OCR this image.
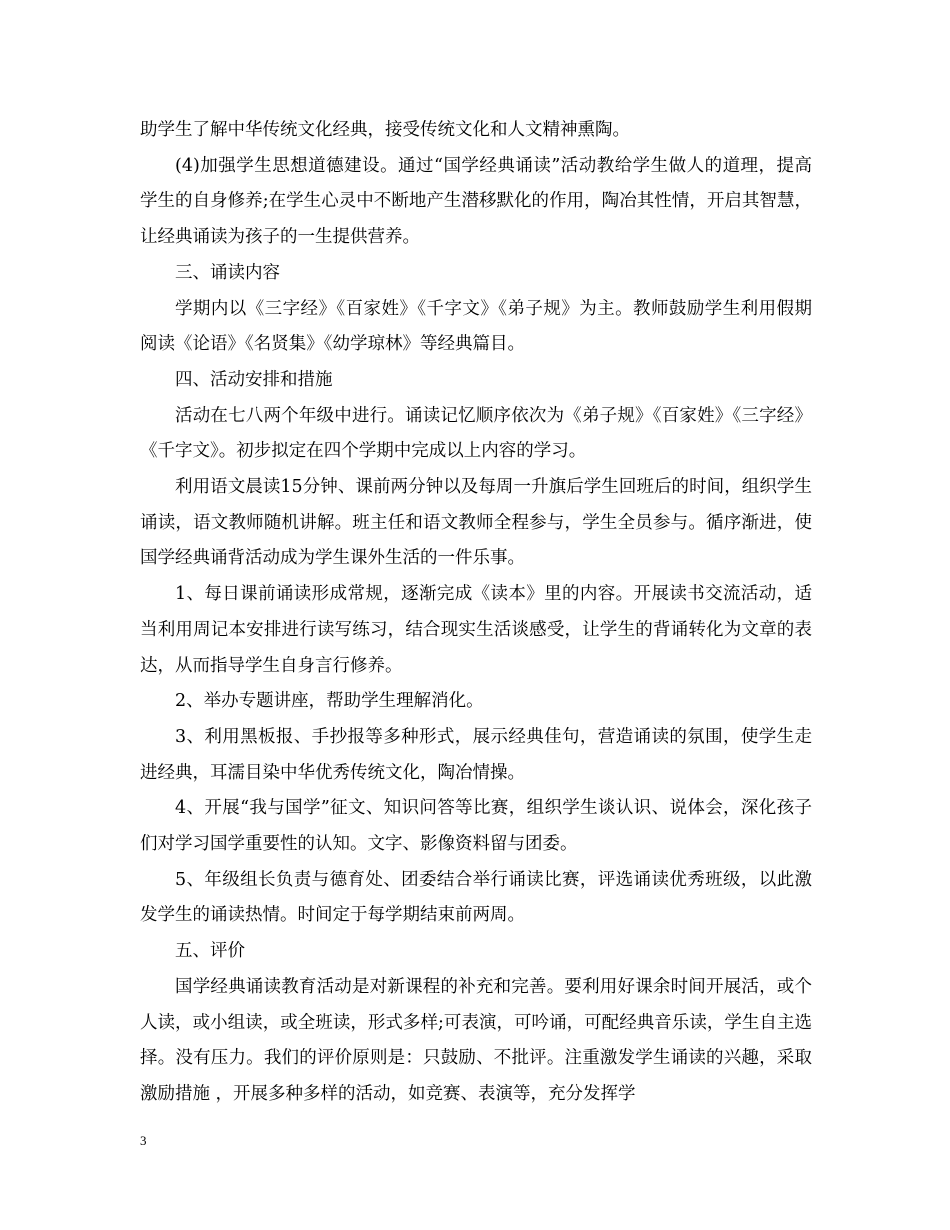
助学生了解中华传统文化经典，接受传统文化和人文精神熏陶。

(4)加强学生思想道德建设。通过“国学经典诵读”活动教给学生做人的道理，提高学生的自身修养;在学生心灵中不断地产生潜移默化的作用，陶冶其性情，开启其智慧，让经典诵读为孩子的一生提供营养。

三、诵读内容

学期内以《三字经》《百家姓》《千字文》《弟子规》为主。教师鼓励学生利用假期阅读《论语》《名贤集》《幼学琼林》等经典篇目。

四、活动安排和措施

活动在七八两个年级中进行。诵读记忆顺序依次为《弟子规》《百家姓》《三字经》《千字文》。初步拟定在四个学期中完成以上内容的学习。

利用语文晨读15分钟、课前两分钟以及每周一升旗后学生回班后的时间，组织学生诵读，语文教师随机讲解。班主任和语文教师全程参与，学生全员参与。循序渐进，使国学经典诵背活动成为学生课外生活的一件乐事。

1、每日课前诵读形成常规，逐渐完成《读本》里的内容。开展读书交流活动，适当利用周记本安排进行读写练习，结合现实生活谈感受，让学生的背诵转化为文章的表达，从而指导学生自身言行修养。

2、举办专题讲座，帮助学生理解消化。

3、利用黑板报、手抄报等多种形式，展示经典佳句，营造诵读的氛围，使学生走进经典，耳濡目染中华优秀传统文化，陶冶情操。

4、开展“我与国学”征文、知识问答等比赛，组织学生谈认识、说体会，深化孩子们对学习国学重要性的认知。文字、影像资料留与团委。

5、年级组长负责与德育处、团委结合举行诵读比赛，评选诵读优秀班级，以此激发学生的诵读热情。时间定于每学期结束前两周。

五、评价

国学经典诵读教育活动是对新课程的补充和完善。要利用好课余时间开展活，或个人读，或小组读，或全班读，形式多样;可表演，可吟诵，可配经典音乐读，学生自主选择。没有压力。我们的评价原则是：只鼓励、不批评。注重激发学生诵读的兴趣，采取激励措施 ，开展多种多样的活动，如竞赛、表演等，充分发挥学

3
